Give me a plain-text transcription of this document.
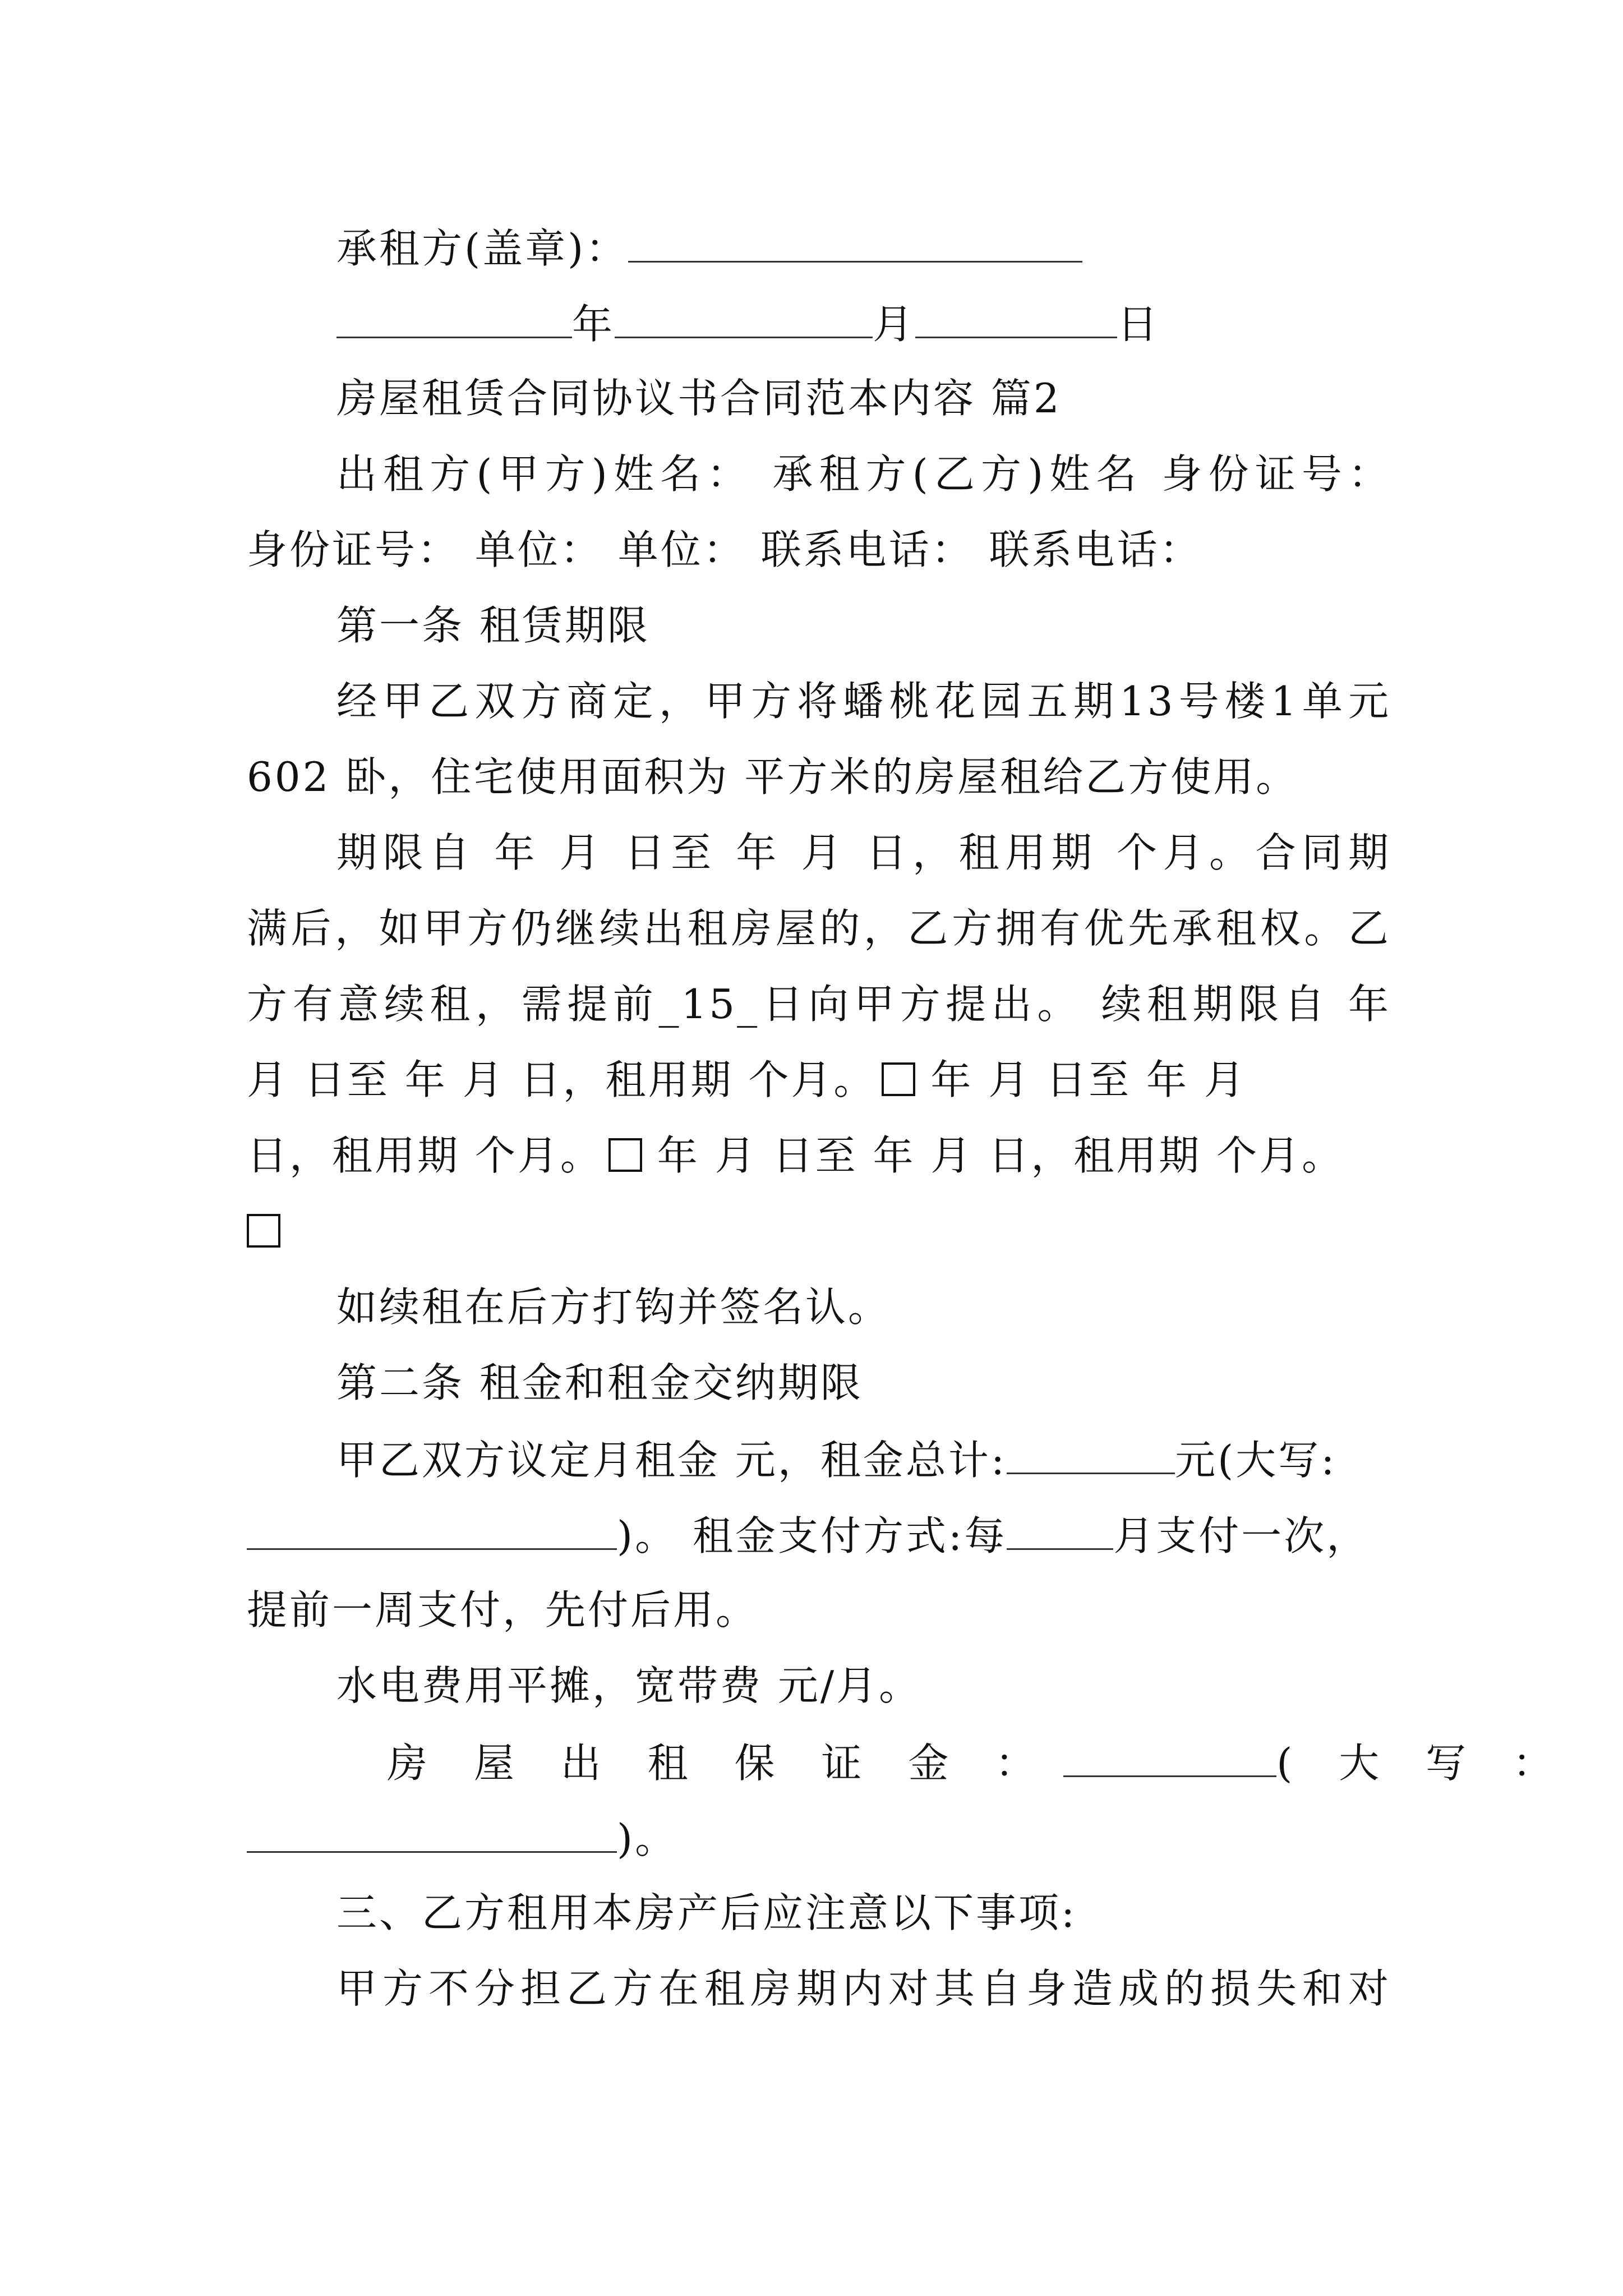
承租方(盖章)：
年	月	日
房屋租赁合同协议书合同范本内容 篇2
出租方(甲方)姓名： 承租方(乙方)姓名 身份证号：
身份证号： 单位： 单位： 联系电话： 联系电话：
第一条 租赁期限
经甲乙双方商定，甲方将蟠桃花园五期13号楼1单元
602 卧，住宅使用面积为 平方米的房屋租给乙方使用。
期限自 年 月 日至 年 月 日，租用期 个月。合同期
满后，如甲方仍继续出租房屋的，乙方拥有优先承租权。乙
方有意续租，需提前_15_日向甲方提出。 续租期限自 年
月 日至 年 月 日，租用期 个月。 年 月 日至 年 月
日，租用期 个月。 年 月 日至 年 月 日，租用期 个月。
如续租在后方打钩并签名认。
第二条 租金和租金交纳期限
甲乙双方议定月租金 元，租金总计:	元(大写:
)。 租金支付方式:每	月支付一次，
提前一周支付，先付后用。
水电费用平摊，宽带费 元/月。
房 屋 出 租 保 证 金 ：	( 大 写 ：
)。
三、乙方租用本房产后应注意以下事项:
甲方不分担乙方在租房期内对其自身造成的损失和对
